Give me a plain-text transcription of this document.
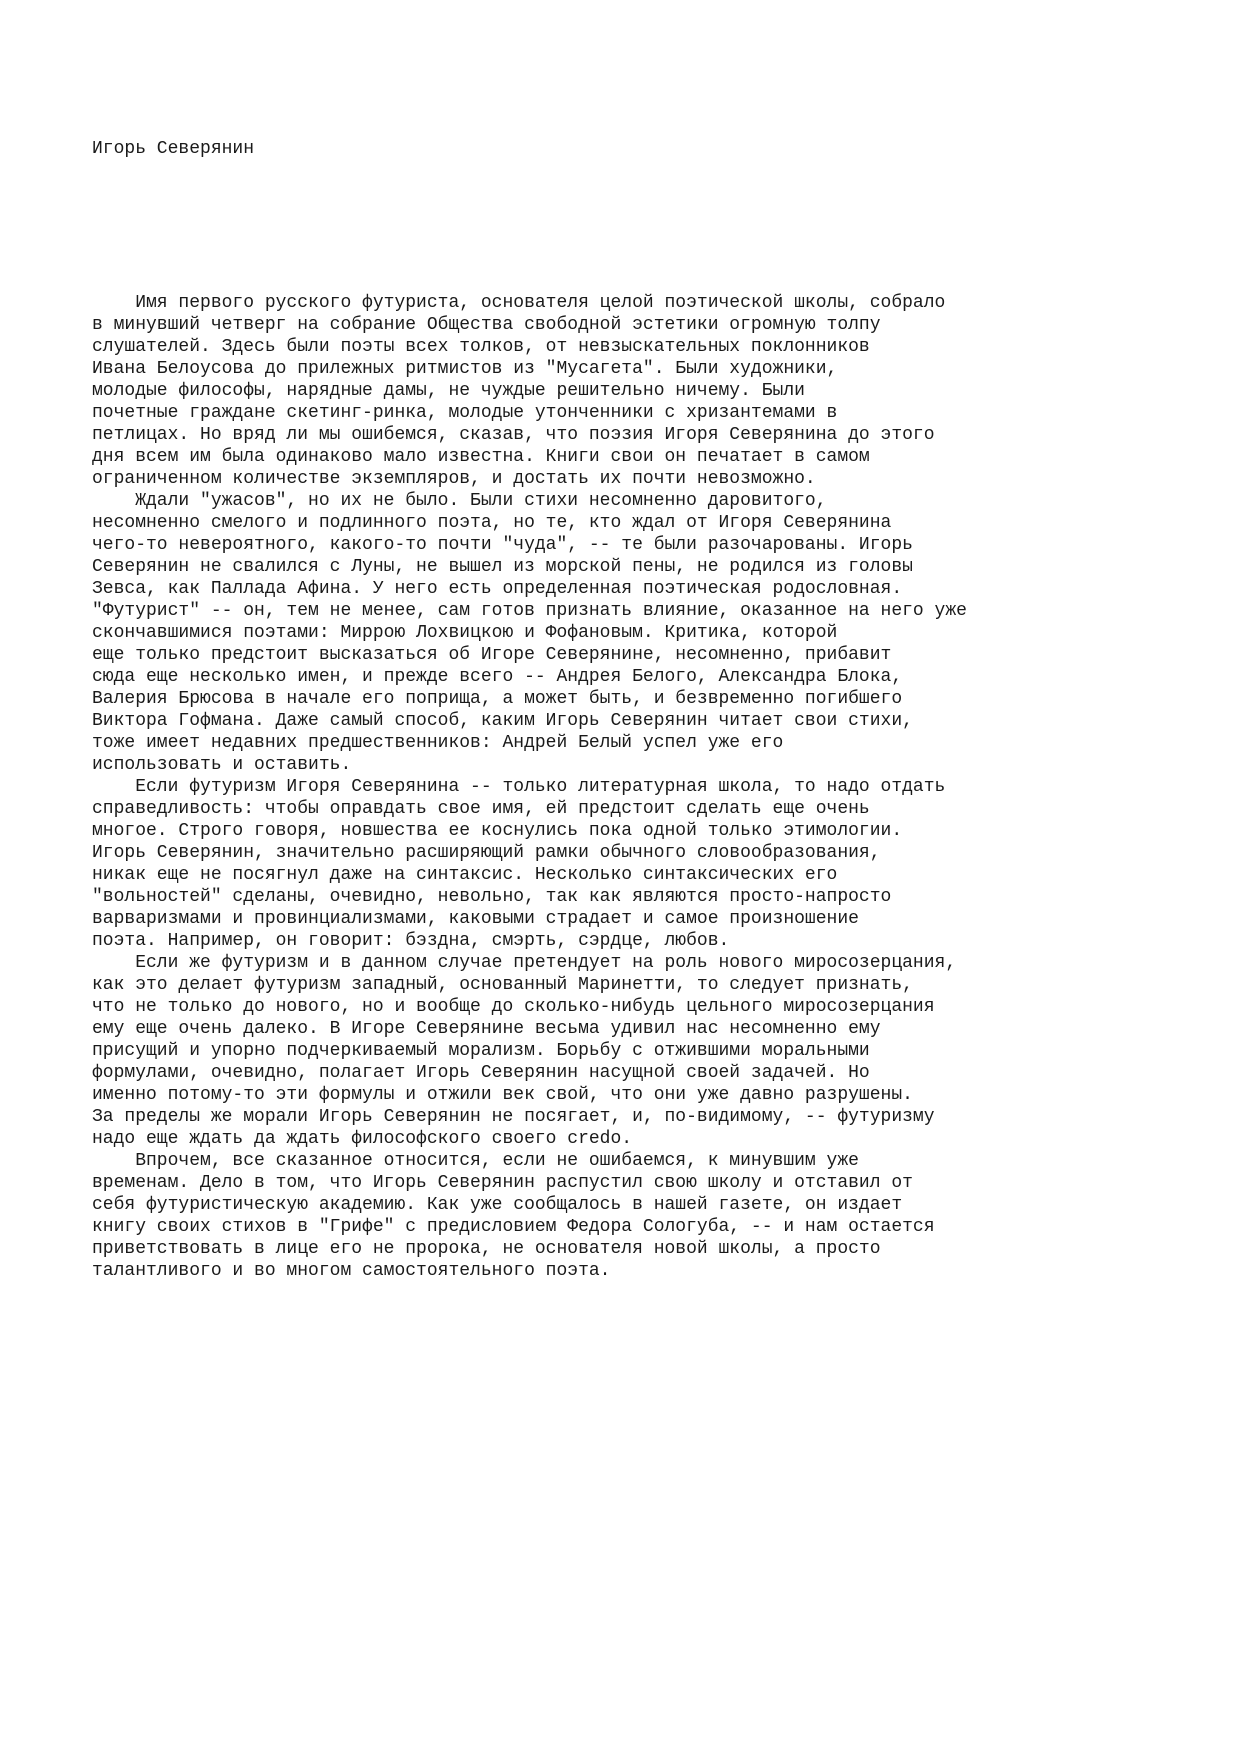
Игорь Северянин

Имя первого русского футуриста, основателя целой поэтической школы, собрало
в минувший четверг на собрание Общества свободной эстетики огромную толпу
слушателей. Здесь были поэты всех толков, от невзыскательных поклонников
Ивана Белоусова до прилежных ритмистов из "Мусагета". Были художники,
молодые философы, нарядные дамы, не чуждые решительно ничему. Были
почетные граждане скетинг-ринка, молодые утонченники с хризантемами в
петлицах. Но вряд ли мы ошибемся, сказав, что поэзия Игоря Северянина до этого
дня всем им была одинаково мало известна. Книги свои он печатает в самом
ограниченном количестве экземпляров, и достать их почти невозможно.
Ждали "ужасов", но их не было. Были стихи несомненно даровитого,
несомненно смелого и подлинного поэта, но те, кто ждал от Игоря Северянина
чего-то невероятного, какого-то почти "чуда", -- те были разочарованы. Игорь
Северянин не свалился с Луны, не вышел из морской пены, не родился из головы
Зевса, как Паллада Афина. У него есть определенная поэтическая родословная.
"Футурист" -- он, тем не менее, сам готов признать влияние, оказанное на него уже
скончавшимися поэтами: Миррою Лохвицкою и Фофановым. Критика, которой
еще только предстоит высказаться об Игоре Северянине, несомненно, прибавит
сюда еще несколько имен, и прежде всего -- Андрея Белого, Александра Блока,
Валерия Брюсова в начале его поприща, а может быть, и безвременно погибшего
Виктора Гофмана. Даже самый способ, каким Игорь Северянин читает свои стихи,
тоже имеет недавних предшественников: Андрей Белый успел уже его
использовать и оставить.
Если футуризм Игоря Северянина -- только литературная школа, то надо отдать
справедливость: чтобы оправдать свое имя, ей предстоит сделать еще очень
многое. Строго говоря, новшества ее коснулись пока одной только этимологии.
Игорь Северянин, значительно расширяющий рамки обычного словообразования,
никак еще не посягнул даже на синтаксис. Несколько синтаксических его
"вольностей" сделаны, очевидно, невольно, так как являются просто-напросто
варваризмами и провинциализмами, каковыми страдает и самое произношение
поэта. Например, он говорит: бэздна, смэрть, сэрдце, любов.
Если же футуризм и в данном случае претендует на роль нового миросозерцания,
как это делает футуризм западный, основанный Маринетти, то следует признать,
что не только до нового, но и вообще до сколько-нибудь цельного миросозерцания
ему еще очень далеко. В Игоре Северянине весьма удивил нас несомненно ему
присущий и упорно подчеркиваемый морализм. Борьбу с отжившими моральными
формулами, очевидно, полагает Игорь Северянин насущной своей задачей. Но
именно потому-то эти формулы и отжили век свой, что они уже давно разрушены.
За пределы же морали Игорь Северянин не посягает, и, по-видимому, -- футуризму
надо еще ждать да ждать философского своего credo.
Впрочем, все сказанное относится, если не ошибаемся, к минувшим уже
временам. Дело в том, что Игорь Северянин распустил свою школу и отставил от
себя футуристическую академию. Как уже сообщалось в нашей газете, он издает
книгу своих стихов в "Грифе" с предисловием Федора Сологуба, -- и нам остается
приветствовать в лице его не пророка, не основателя новой школы, а просто
талантливого и во многом самостоятельного поэта.
